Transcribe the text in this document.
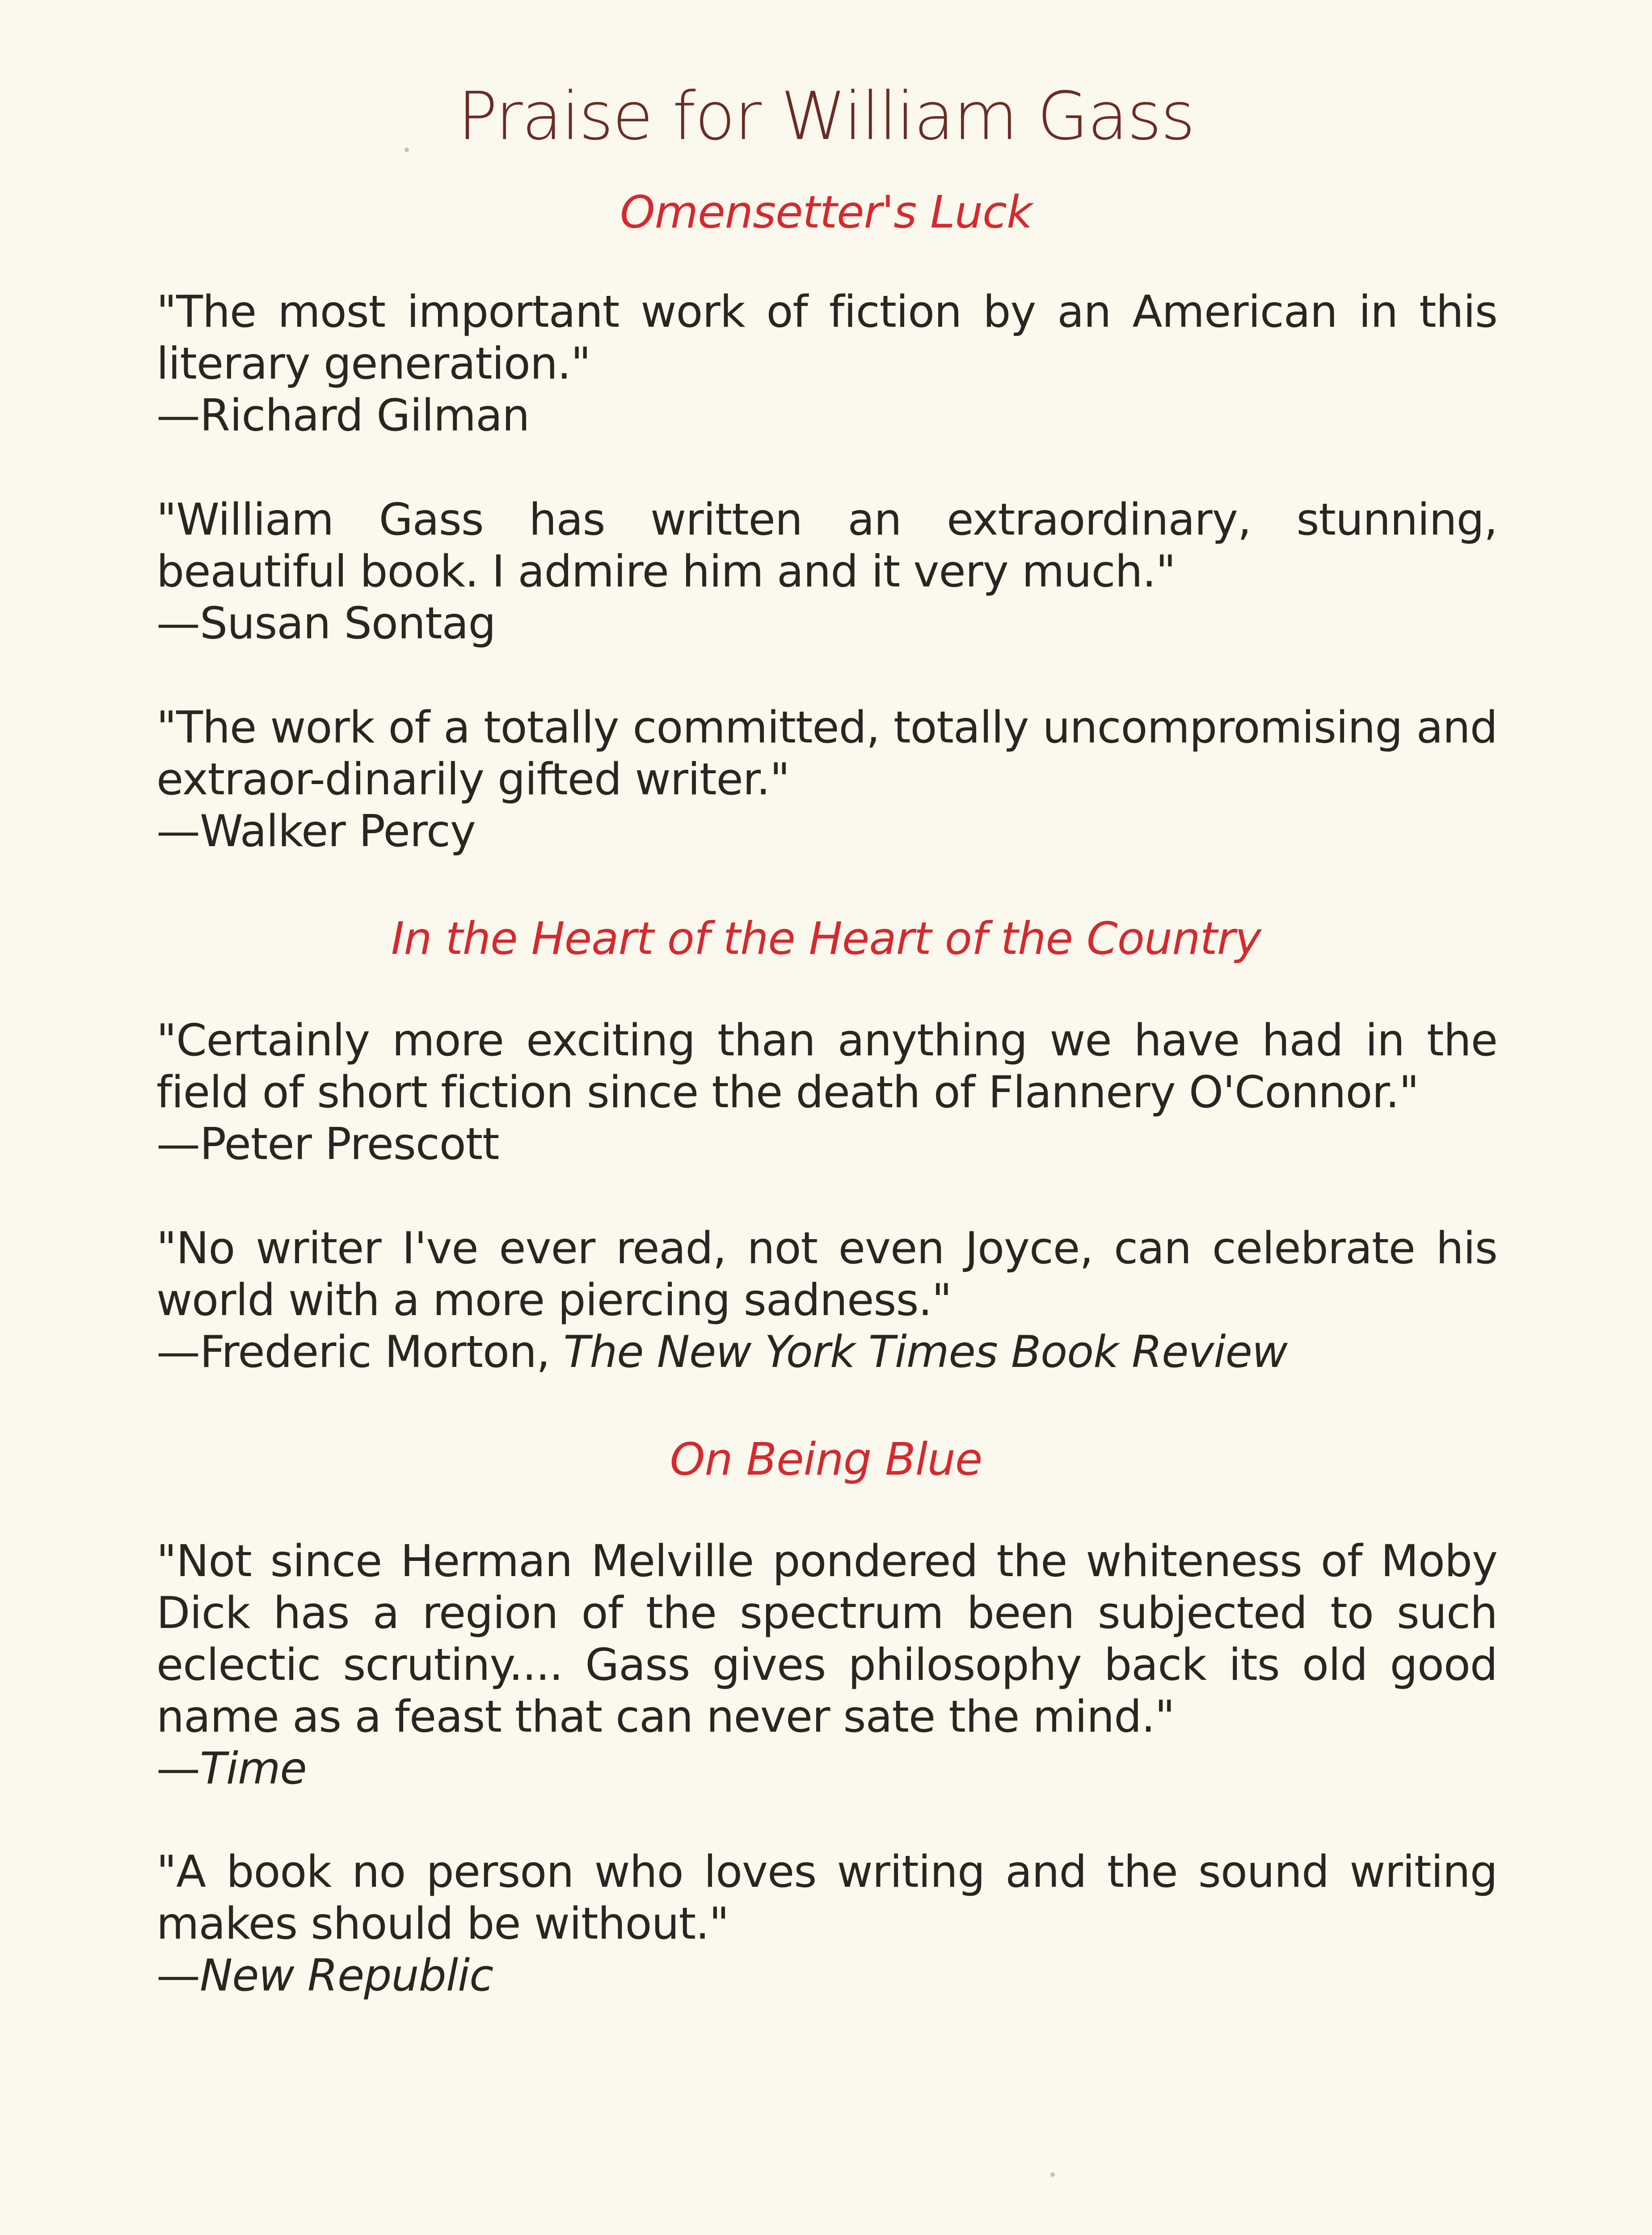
Praise for William Gass
Omensetter's Luck
"The most important work of fiction by an American in this literary generation."
—Richard Gilman
"William Gass has written an extraordinary, stunning, beautiful book. I admire him and it very much."
—Susan Sontag
"The work of a totally committed, totally uncompromising and extraor-dinarily gifted writer."
—Walker Percy
In the Heart of the Heart of the Country
"Certainly more exciting than anything we have had in the field of short fiction since the death of Flannery O'Connor."
—Peter Prescott
"No writer I've ever read, not even Joyce, can celebrate his world with a more piercing sadness."
—Frederic Morton, The New York Times Book Review
On Being Blue
"Not since Herman Melville pondered the whiteness of Moby Dick has a region of the spectrum been subjected to such eclectic scrutiny.... Gass gives philosophy back its old good name as a feast that can never sate the mind."
—Time
"A book no person who loves writing and the sound writing makes should be without."
—New Republic
